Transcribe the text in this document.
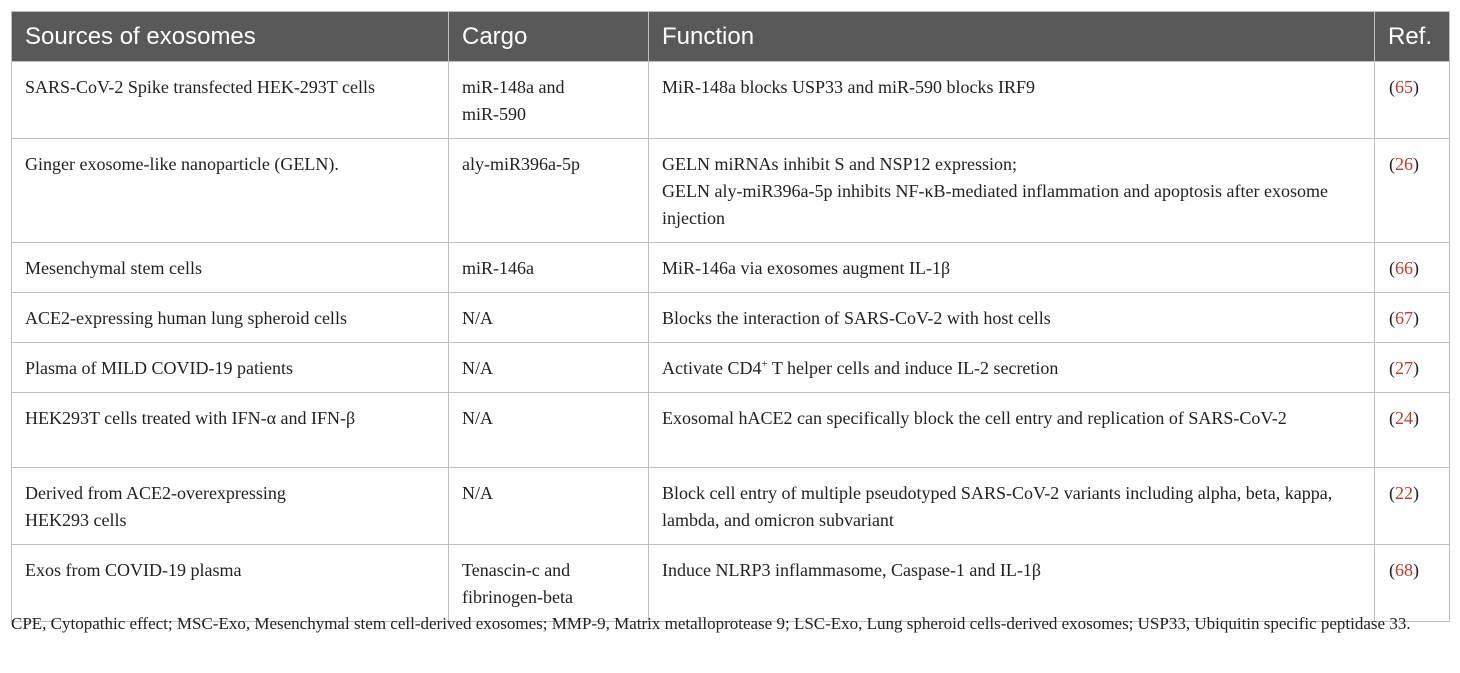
Sources of exosomes	Cargo	Function	Ref.
SARS-CoV-2 Spike transfected HEK-293T cells	miR-148a and
miR-590	MiR-148a blocks USP33 and miR-590 blocks IRF9	(65)
Ginger exosome-like nanoparticle (GELN).	aly-miR396a-5p	GELN miRNAs inhibit S and NSP12 expression;
GELN aly-miR396a-5p inhibits NF-κB-mediated inflammation and apoptosis after exosome injection	(26)
Mesenchymal stem cells	miR-146a	MiR-146a via exosomes augment IL-1β	(66)
ACE2-expressing human lung spheroid cells	N/A	Blocks the interaction of SARS-CoV-2 with host cells	(67)
Plasma of MILD COVID-19 patients	N/A	Activate CD4+ T helper cells and induce IL-2 secretion	(27)
HEK293T cells treated with IFN-α and IFN-β	N/A	Exosomal hACE2 can specifically block the cell entry and replication of SARS-CoV-2	(24)
Derived from ACE2-overexpressing
HEK293 cells	N/A	Block cell entry of multiple pseudotyped SARS-CoV-2 variants including alpha, beta, kappa, lambda, and omicron subvariant	(22)
Exos from COVID-19 plasma	Tenascin-c and
fibrinogen-beta	Induce NLRP3 inflammasome, Caspase-1 and IL-1β	(68)
CPE, Cytopathic effect; MSC-Exo, Mesenchymal stem cell-derived exosomes; MMP-9, Matrix metalloprotease 9; LSC-Exo, Lung spheroid cells-derived exosomes; USP33, Ubiquitin specific peptidase 33.
